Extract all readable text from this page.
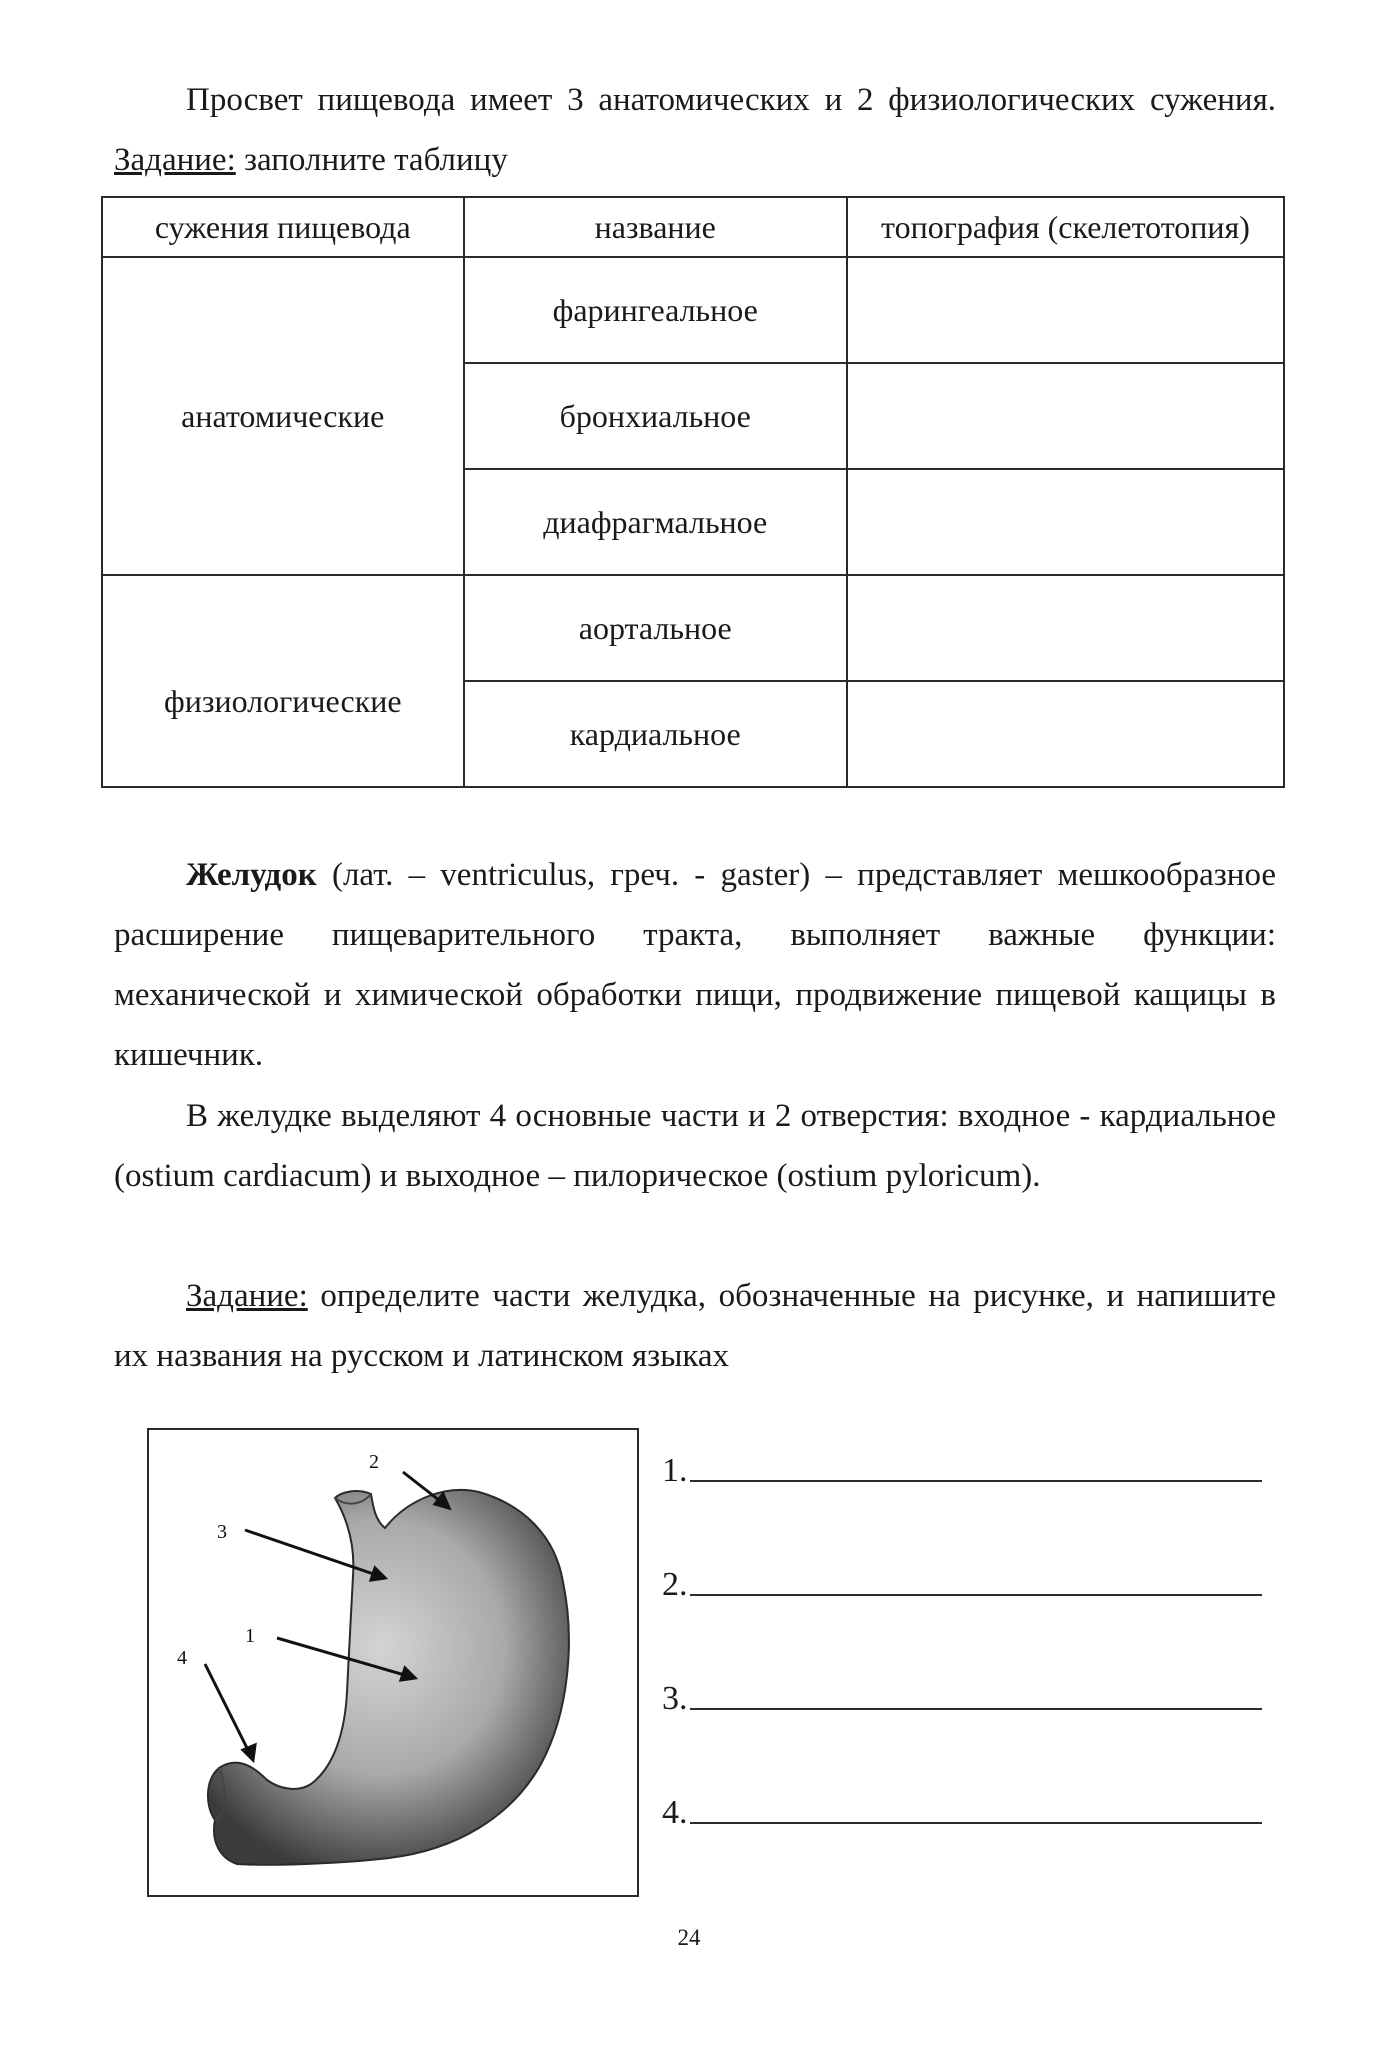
Просвет пищевода имеет 3 анатомических и 2 физиологических сужения. Задание: заполните таблицу

сужения пищевода	название	топография (скелетотопия)
анатомические	фарингеальное	
	бронхиальное	
	диафрагмальное	
физиологические	аортальное	
	кардиальное	

Желудок (лат. – ventriculus, греч. - gaster) – представляет мешкообразное расширение пищеварительного тракта, выполняет важные функции: механической и химической обработки пищи, продвижение пищевой кащицы в кишечник.

В желудке выделяют 4 основные части и 2 отверстия: входное - кардиальное (ostium cardiacum) и выходное – пилорическое (ostium pyloricum).

Задание: определите части желудка, обозначенные на рисунке, и напишите их названия на русском и латинском языках

2
3
1
4
1.
2.
3.
4.
24
